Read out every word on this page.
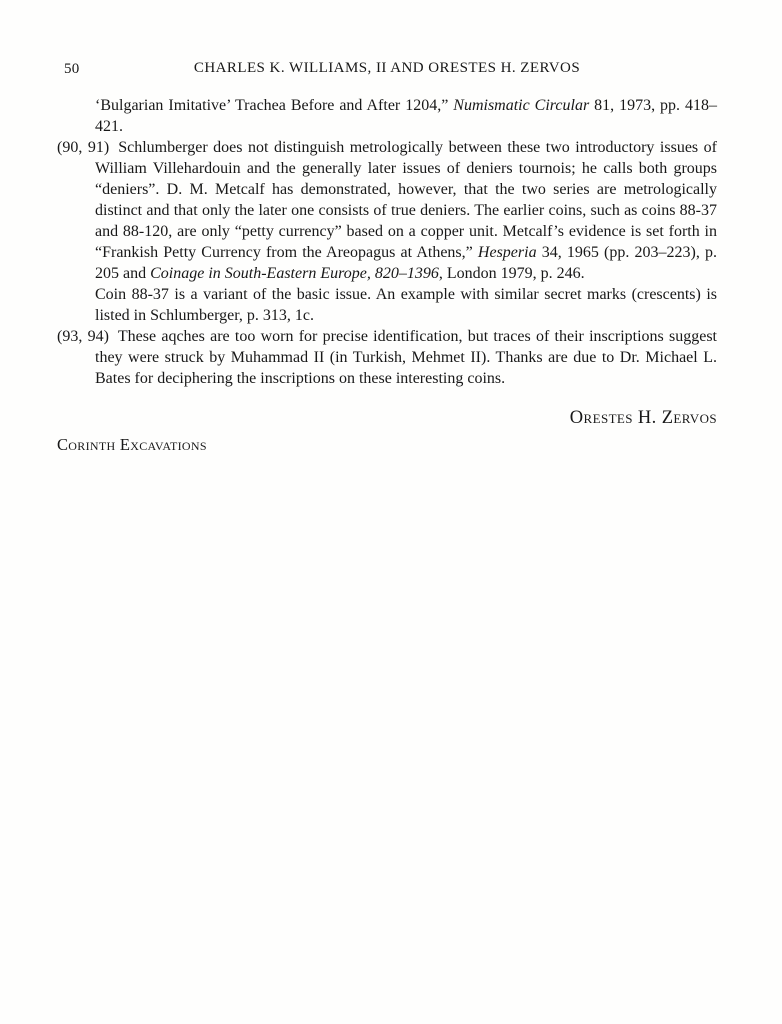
50	CHARLES K. WILLIAMS, II AND ORESTES H. ZERVOS

‘Bulgarian Imitative’ Trachea Before and After 1204,” Numismatic Circular 81, 1973, pp. 418–421.

(90, 91) Schlumberger does not distinguish metrologically between these two introductory issues of William Villehardouin and the generally later issues of deniers tournois; he calls both groups “deniers”. D. M. Metcalf has demonstrated, however, that the two series are metrologically distinct and that only the later one consists of true deniers. The earlier coins, such as coins 88-37 and 88-120, are only “petty currency” based on a copper unit. Metcalf’s evidence is set forth in “Frankish Petty Currency from the Areopagus at Athens,” Hesperia 34, 1965 (pp. 203–223), p. 205 and Coinage in South-Eastern Europe, 820–1396, London 1979, p. 246.

Coin 88-37 is a variant of the basic issue. An example with similar secret marks (crescents) is listed in Schlumberger, p. 313, 1c.

(93, 94) These aqches are too worn for precise identification, but traces of their inscriptions suggest they were struck by Muhammad II (in Turkish, Mehmet II). Thanks are due to Dr. Michael L. Bates for deciphering the inscriptions on these interesting coins.

Orestes H. Zervos
Corinth Excavations
